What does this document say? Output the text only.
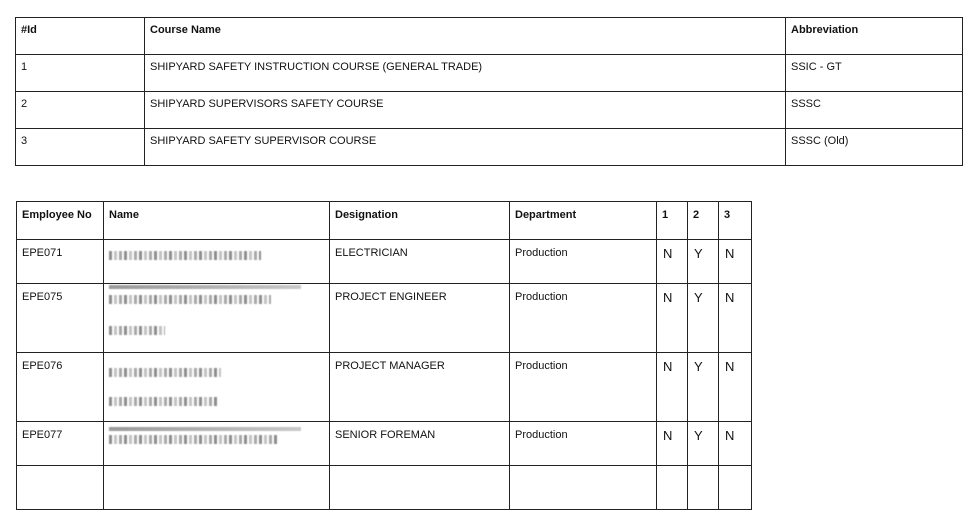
#Id	Course Name	Abbreviation
1	SHIPYARD SAFETY INSTRUCTION COURSE (GENERAL TRADE)	SSIC - GT
2	SHIPYARD SUPERVISORS SAFETY COURSE	SSSC
3	SHIPYARD SAFETY SUPERVISOR COURSE	SSSC (Old)
Employee No	Name	Designation	Department	1	2	3
EPE071		ELECTRICIAN	Production	N	Y	N
EPE075		PROJECT ENGINEER	Production	N	Y	N
EPE076		PROJECT MANAGER	Production	N	Y	N
EPE077		SENIOR FOREMAN	Production	N	Y	N
